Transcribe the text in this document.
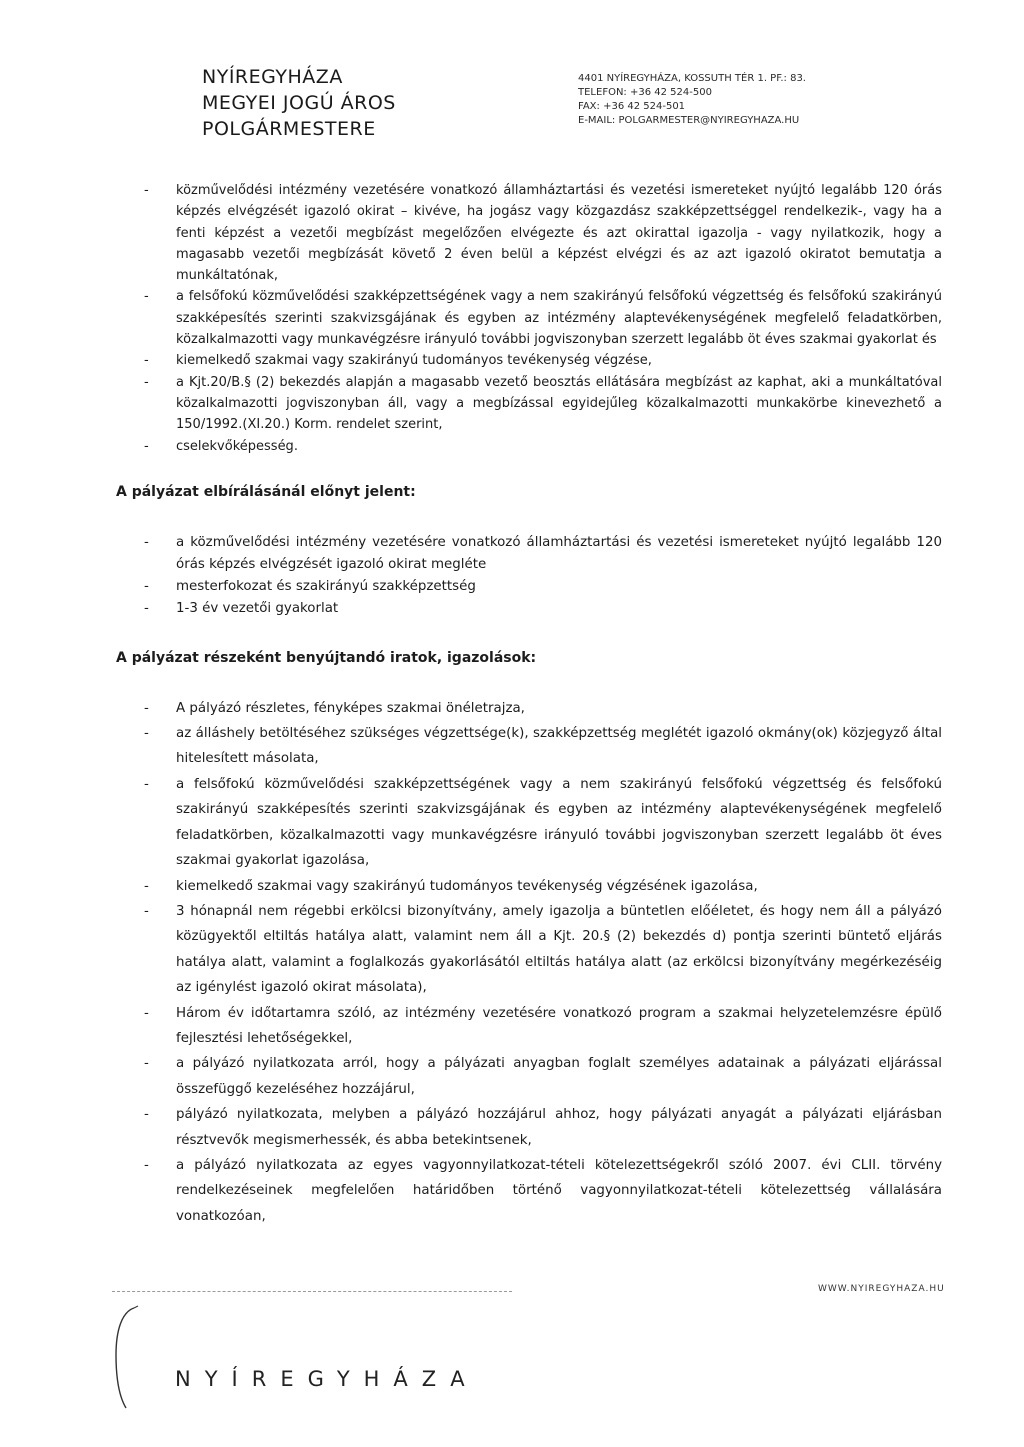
NYÍREGYHÁZA
MEGYEI JOGÚ ÁROS
POLGÁRMESTERE
4401 NYÍREGYHÁZA, KOSSUTH TÉR 1. PF.: 83.
TELEFON: +36 42 524-500
FAX: +36 42 524-501
E-MAIL: POLGARMESTER@NYIREGYHAZA.HU
- közművelődési intézmény vezetésére vonatkozó államháztartási és vezetési ismereteket nyújtó legalább 120 órás képzés elvégzését igazoló okirat – kivéve, ha jogász vagy közgazdász szakképzettséggel rendelkezik-, vagy ha a fenti képzést a vezetői megbízást megelőzően elvégezte és azt okirattal igazolja - vagy nyilatkozik, hogy a magasabb vezetői megbízását követő 2 éven belül a képzést elvégzi és az azt igazoló okiratot bemutatja a munkáltatónak,
- a felsőfokú közművelődési szakképzettségének vagy a nem szakirányú felsőfokú végzettség és felsőfokú szakirányú szakképesítés szerinti szakvizsgájának és egyben az intézmény alaptevékenységének megfelelő feladatkörben, közalkalmazotti vagy munkavégzésre irányuló további jogviszonyban szerzett legalább öt éves szakmai gyakorlat és
- kiemelkedő szakmai vagy szakirányú tudományos tevékenység végzése,
- a Kjt.20/B.§ (2) bekezdés alapján a magasabb vezető beosztás ellátására megbízást az kaphat, aki a munkáltatóval közalkalmazotti jogviszonyban áll, vagy a megbízással egyidejűleg közalkalmazotti munkakörbe kinevezhető a 150/1992.(XI.20.) Korm. rendelet szerint,
- cselekvőképesség.
A pályázat elbírálásánál előnyt jelent:
- a közművelődési intézmény vezetésére vonatkozó államháztartási és vezetési ismereteket nyújtó legalább 120 órás képzés elvégzését igazoló okirat megléte
- mesterfokozat és szakirányú szakképzettség
- 1-3 év vezetői gyakorlat
A pályázat részeként benyújtandó iratok, igazolások:
- A pályázó részletes, fényképes szakmai önéletrajza,
- az álláshely betöltéséhez szükséges végzettsége(k), szakképzettség meglétét igazoló okmány(ok) közjegyző által hitelesített másolata,
- a felsőfokú közművelődési szakképzettségének vagy a nem szakirányú felsőfokú végzettség és felsőfokú szakirányú szakképesítés szerinti szakvizsgájának és egyben az intézmény alaptevékenységének megfelelő feladatkörben, közalkalmazotti vagy munkavégzésre irányuló további jogviszonyban szerzett legalább öt éves szakmai gyakorlat igazolása,
- kiemelkedő szakmai vagy szakirányú tudományos tevékenység végzésének igazolása,
- 3 hónapnál nem régebbi erkölcsi bizonyítvány, amely igazolja a büntetlen előéletet, és hogy nem áll a pályázó közügyektől eltiltás hatálya alatt, valamint nem áll a Kjt. 20.§ (2) bekezdés d) pontja szerinti büntető eljárás hatálya alatt, valamint a foglalkozás gyakorlásától eltiltás hatálya alatt (az erkölcsi bizonyítvány megérkezéséig az igénylést igazoló okirat másolata),
- Három év időtartamra szóló, az intézmény vezetésére vonatkozó program a szakmai helyzetelemzésre épülő fejlesztési lehetőségekkel,
- a pályázó nyilatkozata arról, hogy a pályázati anyagban foglalt személyes adatainak a pályázati eljárással összefüggő kezeléséhez hozzájárul,
- pályázó nyilatkozata, melyben a pályázó hozzájárul ahhoz, hogy pályázati anyagát a pályázati eljárásban résztvevők megismerhessék, és abba betekintsenek,
- a pályázó nyilatkozata az egyes vagyonnyilatkozat-tételi kötelezettségekről szóló 2007. évi CLII. törvény rendelkezéseinek megfelelően határidőben történő vagyonnyilatkozat-tételi kötelezettség vállalására vonatkozóan,
WWW.NYIREGYHAZA.HU
NYÍREGYHÁZA
